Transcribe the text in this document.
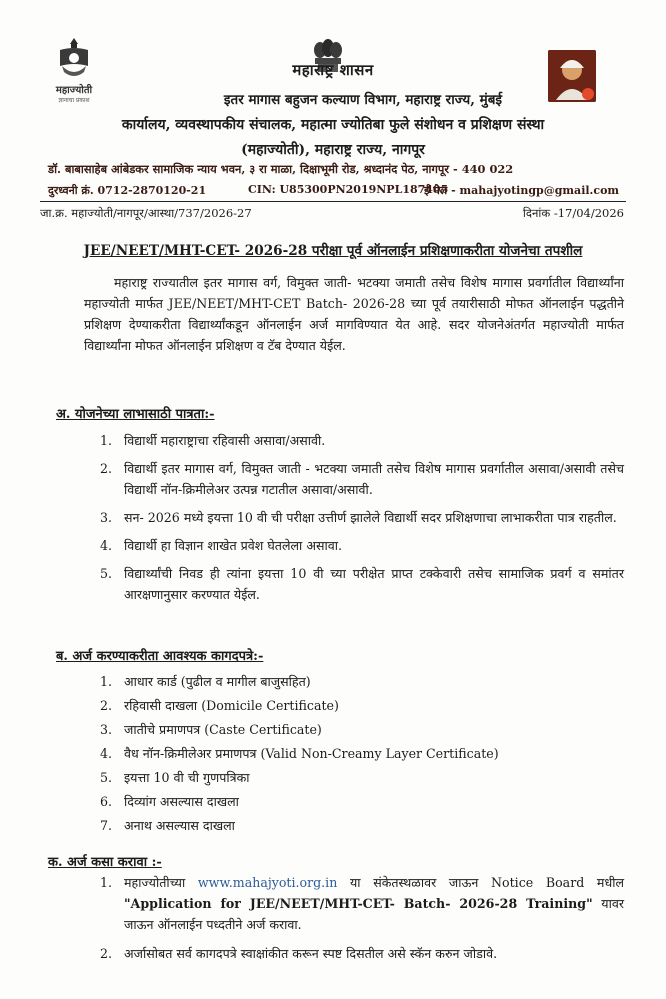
महाज्योती
ज्ञानाचा प्रकाश
महाराष्ट्र शासन
इतर मागास बहुजन कल्याण विभाग, महाराष्ट्र राज्य, मुंबई
कार्यालय, व्यवस्थापकीय संचालक, महात्मा ज्योतिबा फुले संशोधन व प्रशिक्षण संस्था
(महाज्योती), महाराष्ट्र राज्य, नागपूर
डॉ. बाबासाहेब आंबेडकर सामाजिक न्याय भवन, ३ रा माळा, दिक्षाभूमी रोड, श्रध्दानंद पेठ, नागपूर - 440 022
दुरध्वनी क्रं. 0712-2870120-21	CIN: U85300PN2019NPL187405
ई मेल - mahajyotingp@gmail.com
जा.क्र. महाज्योती/नागपूर/आस्था/737/2026-27	दिनांक -17/04/2026
JEE/NEET/MHT-CET- 2026-28 परीक्षा पूर्व ऑनलाईन प्रशिक्षणाकरीता योजनेचा तपशील

महाराष्ट्र राज्यातील इतर मागास वर्ग, विमुक्त जाती- भटक्या जमाती तसेच विशेष मागास प्रवर्गातील विद्यार्थ्यांना महाज्योती मार्फत JEE/NEET/MHT-CET Batch- 2026-28 च्या पूर्व तयारीसाठी मोफत ऑनलाईन पद्धतीने प्रशिक्षण देण्याकरीता विद्यार्थ्यांकडून ऑनलाईन अर्ज मागविण्यात येत आहे. सदर योजनेअंतर्गत महाज्योती मार्फत विद्यार्थ्यांना मोफत ऑनलाईन प्रशिक्षण व टॅब देण्यात येईल.

अ. योजनेच्या लाभासाठी पात्रता:-
1. विद्यार्थी महाराष्ट्राचा रहिवासी असावा/असावी.
2. विद्यार्थी इतर मागास वर्ग, विमुक्त जाती - भटक्या जमाती तसेच विशेष मागास प्रवर्गातील असावा/असावी तसेच विद्यार्थी नॉन-क्रिमीलेअर उत्पन्न गटातील असावा/असावी.
3. सन- 2026 मध्ये इयत्ता 10 वी ची परीक्षा उत्तीर्ण झालेले विद्यार्थी सदर प्रशिक्षणाचा लाभाकरीता पात्र राहतील.
4. विद्यार्थी हा विज्ञान शाखेत प्रवेश घेतलेला असावा.
5. विद्यार्थ्यांची निवड ही त्यांना इयत्ता 10 वी च्या परीक्षेत प्राप्त टक्केवारी तसेच सामाजिक प्रवर्ग व समांतर आरक्षणानुसार करण्यात येईल.
ब. अर्ज करण्याकरीता आवश्यक कागदपत्रे:-
1. आधार कार्ड (पुढील व मागील बाजुसहित)
2. रहिवासी दाखला (Domicile Certificate)
3. जातीचे प्रमाणपत्र (Caste Certificate)
4. वैध नॉन-क्रिमीलेअर प्रमाणपत्र (Valid Non-Creamy Layer Certificate)
5. इयत्ता 10 वी ची गुणपत्रिका
6. दिव्यांग असल्यास दाखला
7. अनाथ असल्यास दाखला
क. अर्ज कसा करावा :-
1. महाज्योतीच्या www.mahajyoti.org.in या संकेतस्थळावर जाऊन Notice Board मधील "Application for JEE/NEET/MHT-CET- Batch- 2026-28 Training" यावर जाऊन ऑनलाईन पध्दतीने अर्ज करावा.
2. अर्जासोबत सर्व कागदपत्रे स्वाक्षांकीत करून स्पष्ट दिसतील असे स्कॅन करुन जोडावे.
